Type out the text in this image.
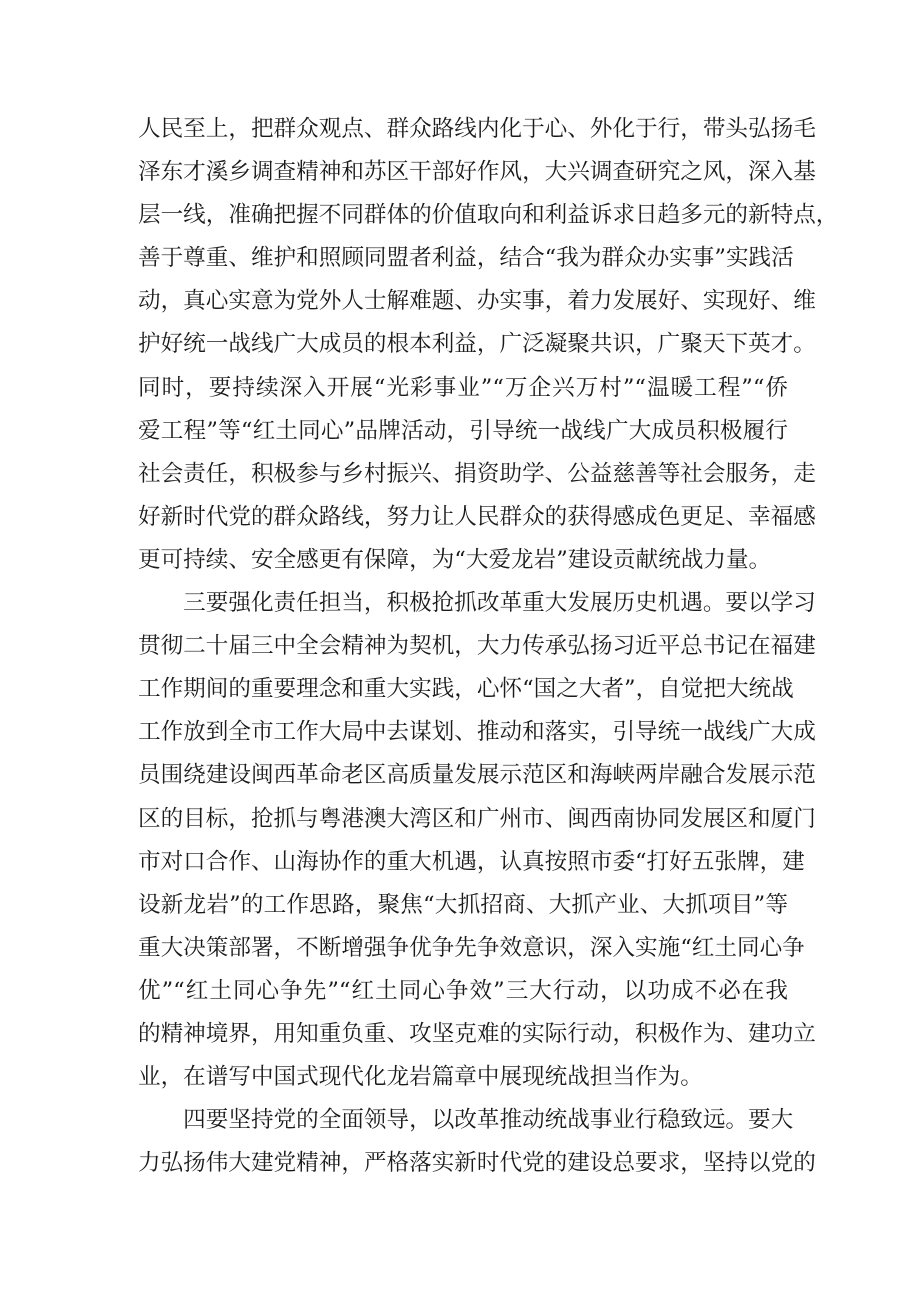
人民至上，把群众观点、群众路线内化于心、外化于行，带头弘扬毛
泽东才溪乡调查精神和苏区干部好作风，大兴调查研究之风，深入基
层一线，准确把握不同群体的价值取向和利益诉求日趋多元的新特点，
善于尊重、维护和照顾同盟者利益，结合“我为群众办实事”实践活
动，真心实意为党外人士解难题、办实事，着力发展好、实现好、维
护好统一战线广大成员的根本利益，广泛凝聚共识，广聚天下英才。
同时，要持续深入开展“光彩事业”“万企兴万村”“温暖工程”“侨
爱工程”等“红土同心”品牌活动，引导统一战线广大成员积极履行
社会责任，积极参与乡村振兴、捐资助学、公益慈善等社会服务，走
好新时代党的群众路线，努力让人民群众的获得感成色更足、幸福感
更可持续、安全感更有保障，为“大爱龙岩”建设贡献统战力量。
　　三要强化责任担当，积极抢抓改革重大发展历史机遇。要以学习
贯彻二十届三中全会精神为契机，大力传承弘扬习近平总书记在福建
工作期间的重要理念和重大实践，心怀“国之大者”，自觉把大统战
工作放到全市工作大局中去谋划、推动和落实，引导统一战线广大成
员围绕建设闽西革命老区高质量发展示范区和海峡两岸融合发展示范
区的目标，抢抓与粤港澳大湾区和广州市、闽西南协同发展区和厦门
市对口合作、山海协作的重大机遇，认真按照市委“打好五张牌，建
设新龙岩”的工作思路，聚焦“大抓招商、大抓产业、大抓项目”等
重大决策部署，不断增强争优争先争效意识，深入实施“红土同心争
优”“红土同心争先”“红土同心争效”三大行动，以功成不必在我
的精神境界，用知重负重、攻坚克难的实际行动，积极作为、建功立
业，在谱写中国式现代化龙岩篇章中展现统战担当作为。
　　四要坚持党的全面领导，以改革推动统战事业行稳致远。要大
力弘扬伟大建党精神，严格落实新时代党的建设总要求，坚持以党的
